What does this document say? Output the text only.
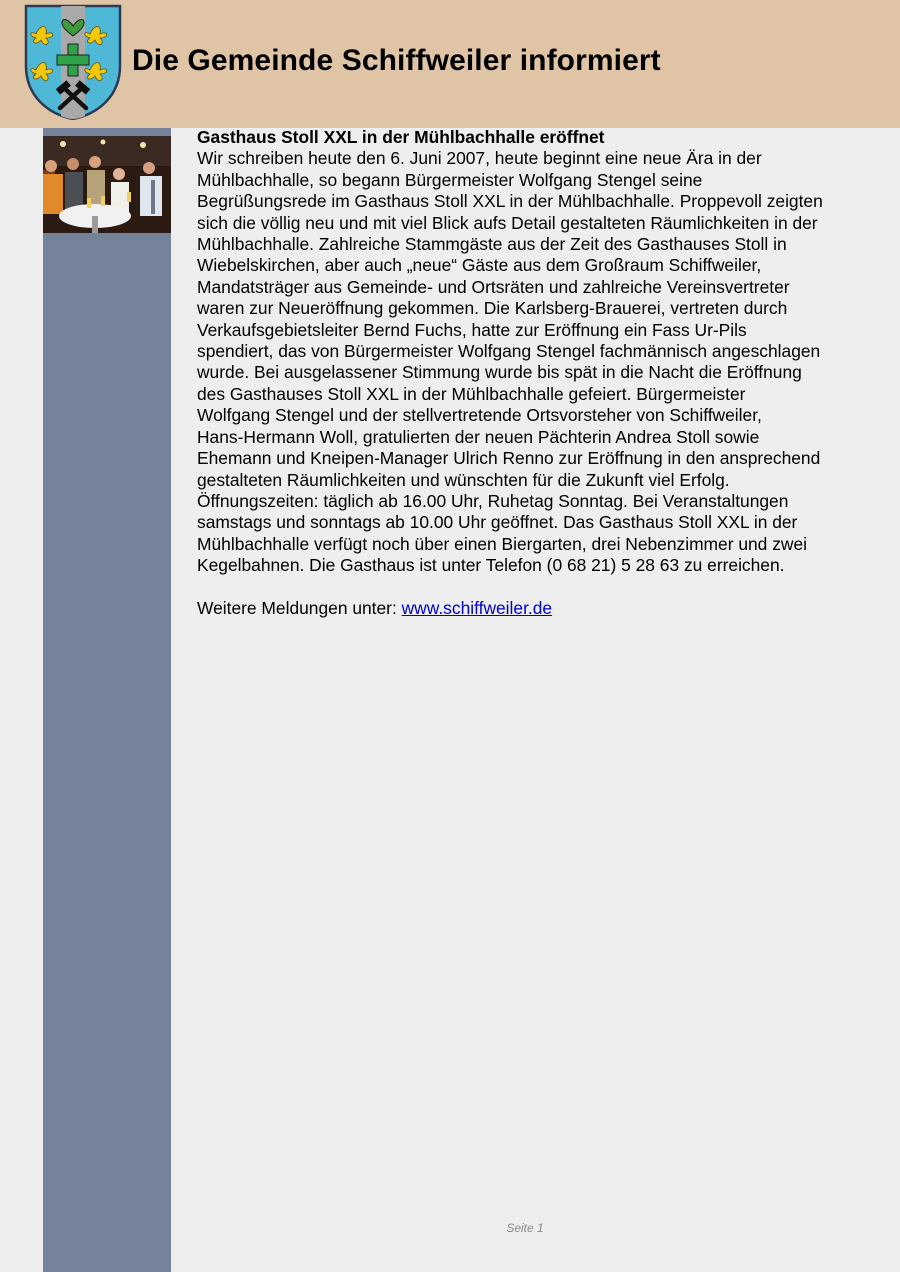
Die Gemeinde Schiffweiler informiert

Gasthaus Stoll XXL in der Mühlbachhalle eröffnet

Wir schreiben heute den 6. Juni 2007, heute beginnt eine neue Ära in der
Mühlbachhalle, so begann Bürgermeister Wolfgang Stengel seine
Begrüßungsrede im Gasthaus Stoll XXL in der Mühlbachhalle. Proppevoll zeigten
sich die völlig neu und mit viel Blick aufs Detail gestalteten Räumlichkeiten in der
Mühlbachhalle. Zahlreiche Stammgäste aus der Zeit des Gasthauses Stoll in
Wiebelskirchen, aber auch „neue“ Gäste aus dem Großraum Schiffweiler,
Mandatsträger aus Gemeinde- und Ortsräten und zahlreiche Vereinsvertreter
waren zur Neueröffnung gekommen. Die Karlsberg-Brauerei, vertreten durch
Verkaufsgebietsleiter Bernd Fuchs, hatte zur Eröffnung ein Fass Ur-Pils
spendiert, das von Bürgermeister Wolfgang Stengel fachmännisch angeschlagen
wurde. Bei ausgelassener Stimmung wurde bis spät in die Nacht die Eröffnung
des Gasthauses Stoll XXL in der Mühlbachhalle gefeiert. Bürgermeister
Wolfgang Stengel und der stellvertretende Ortsvorsteher von Schiffweiler,
Hans-Hermann Woll, gratulierten der neuen Pächterin Andrea Stoll sowie
Ehemann und Kneipen-Manager Ulrich Renno zur Eröffnung in den ansprechend
gestalteten Räumlichkeiten und wünschten für die Zukunft viel Erfolg.
Öffnungszeiten: täglich ab 16.00 Uhr, Ruhetag Sonntag. Bei Veranstaltungen
samstags und sonntags ab 10.00 Uhr geöffnet. Das Gasthaus Stoll XXL in der
Mühlbachhalle verfügt noch über einen Biergarten, drei Nebenzimmer und zwei
Kegelbahnen. Die Gasthaus ist unter Telefon (0 68 21) 5 28 63 zu erreichen.

Weitere Meldungen unter: www.schiffweiler.de

Seite 1
